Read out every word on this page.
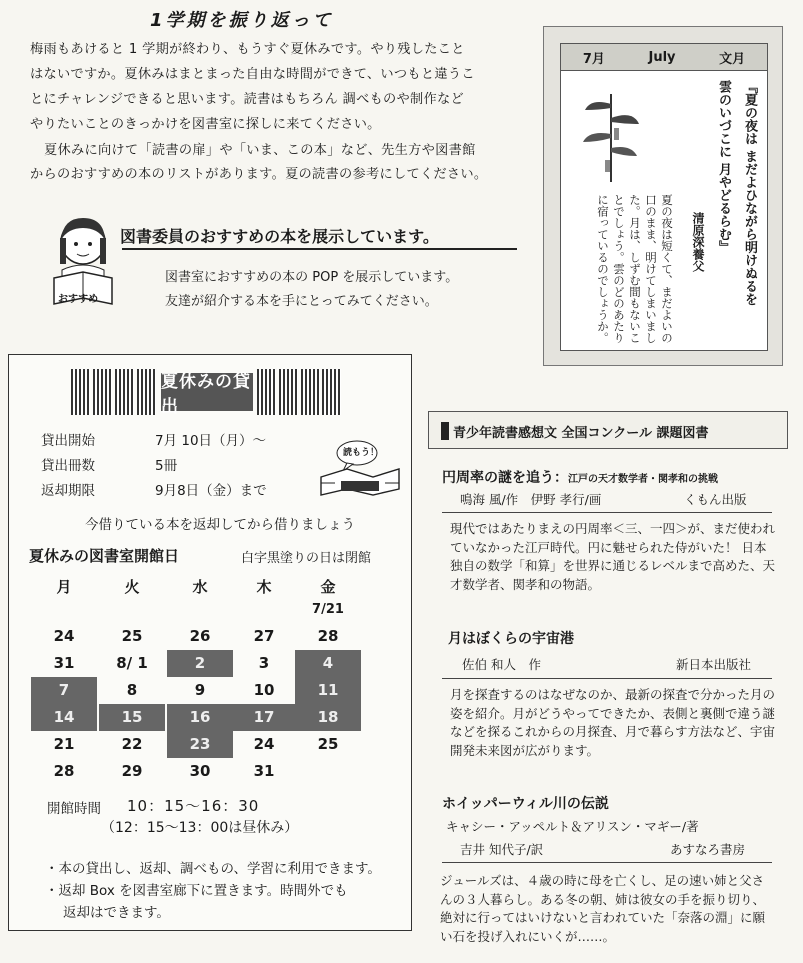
1学期を振り返って
梅雨もあけると 1 学期が終わり、もうすぐ夏休みです。やり残したこと
はないですか。夏休みはまとまった自由な時間ができて、いつもと違うこ
とにチャレンジできると思います。読書はもちろん 調べものや制作など
やりたいことのきっかけを図書室に探しに来てください。
夏休みに向けて「読書の扉」や「いま、この本」など、先生方や図書館
からのおすすめの本のリストがあります。夏の読書の参考にしてください。
7月	July	文月
『夏の夜は まだよひながら明けぬるを
雲のいづこに 月やどるらむ』
清原深養父
夏の夜は短くて、まだよいの
口のまま、明けてしまいまし
た。月は、しずむ間もないこ
とでしょう。雲のどのあたり
に宿っているのでしょうか。
おすすめ
図書委員のおすすめの本を展示しています。
図書室におすすめの本の POP を展示しています。
友達が紹介する本を手にとってみてください。
夏休みの貸出
貸出開始	7月 10日（月）～
貸出冊数	5冊
返却期限	9月8日（金）まで
読もう！
今借りている本を返却してから借りましょう
夏休みの図書室開館日	白字黒塗りの日は閉館
月	火	水	木	金
7/21
24	25	26	27	28
31	8/ 1	2	3	4
7	8	9	10	11
14	15	16	17	18
21	22	23	24	25
28	29	30	31
開館時間 10：15～16：30
（12：15～13：00は昼休み）
・本の貸出し、返却、調べもの、学習に利用できます。
・返却 Box を図書室廊下に置きます。時間外でも
返却はできます。
青少年読書感想文 全国コンクール 課題図書
円周率の謎を追う：江戸の天才数学者・関孝和の挑戦
鳴海 風/作　伊野 孝行/画	くもん出版
現代ではあたりまえの円周率＜三、一四＞が、まだ使われていなかった江戸時代。円に魅せられた侍がいた！ 日本独自の数学「和算」を世界に通じるレベルまで高めた、天才数学者、関孝和の物語。
月はぼくらの宇宙港
佐伯 和人　作	新日本出版社
月を探査するのはなぜなのか、最新の探査で分かった月の姿を紹介。月がどうやってできたか、表側と裏側で違う謎などを探るこれからの月探査、月で暮らす方法など、宇宙開発未来図が広がります。
ホイッパーウィル川の伝説
キャシー・アッペルト＆アリスン・マギー/著
吉井 知代子/訳	あすなろ書房
ジュールズは、４歳の時に母を亡くし、足の速い姉と父さんの３人暮らし。ある冬の朝、姉は彼女の手を振り切り、絶対に行ってはいけないと言われていた「奈落の淵」に願い石を投げ入れにいくが……。
